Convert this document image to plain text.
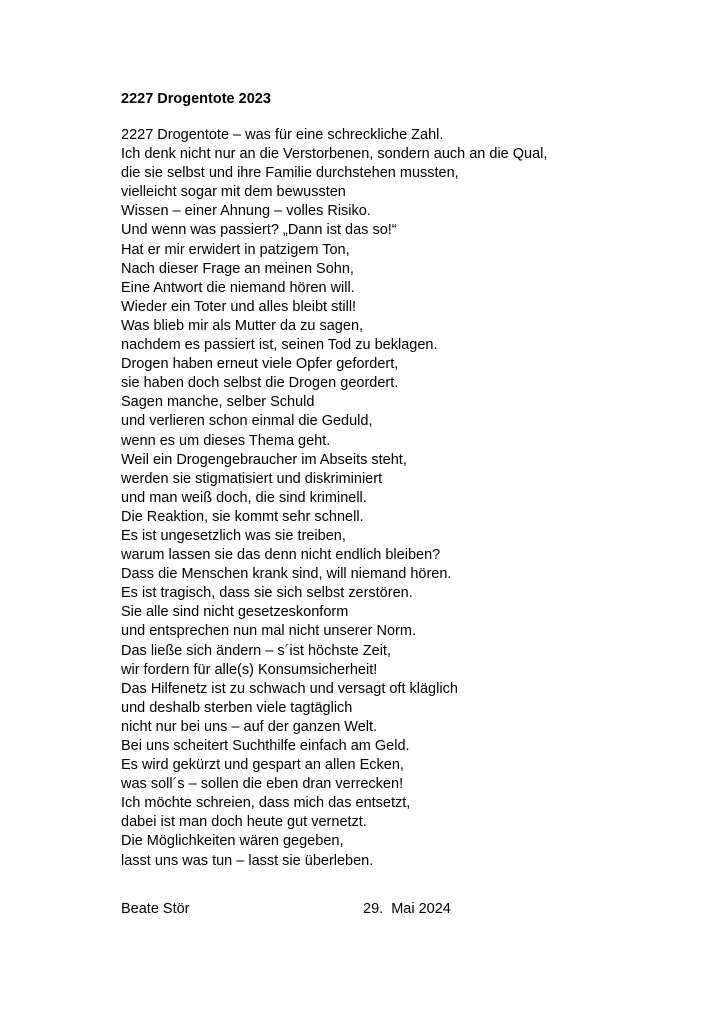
2227 Drogentote 2023
2227 Drogentote – was für eine schreckliche Zahl.
Ich denk nicht nur an die Verstorbenen, sondern auch an die Qual,
die sie selbst und ihre Familie durchstehen mussten,
vielleicht sogar mit dem bewussten
Wissen – einer Ahnung – volles Risiko.
Und wenn was passiert? „Dann ist das so!“
Hat er mir erwidert in patzigem Ton,
Nach dieser Frage an meinen Sohn,
Eine Antwort die niemand hören will.
Wieder ein Toter und alles bleibt still!
Was blieb mir als Mutter da zu sagen,
nachdem es passiert ist, seinen Tod zu beklagen.
Drogen haben erneut viele Opfer gefordert,
sie haben doch selbst die Drogen geordert.
Sagen manche, selber Schuld
und verlieren schon einmal die Geduld,
wenn es um dieses Thema geht.
Weil ein Drogengebraucher im Abseits steht,
werden sie stigmatisiert und diskriminiert
und man weiß doch, die sind kriminell.
Die Reaktion, sie kommt sehr schnell.
Es ist ungesetzlich was sie treiben,
warum lassen sie das denn nicht endlich bleiben?
Dass die Menschen krank sind, will niemand hören.
Es ist tragisch, dass sie sich selbst zerstören.
Sie alle sind nicht gesetzeskonform
und entsprechen nun mal nicht unserer Norm.
Das ließe sich ändern – s´ist höchste Zeit,
wir fordern für alle(s) Konsumsicherheit!
Das Hilfenetz ist zu schwach und versagt oft kläglich
und deshalb sterben viele tagtäglich
nicht nur bei uns – auf der ganzen Welt.
Bei uns scheitert Suchthilfe einfach am Geld.
Es wird gekürzt und gespart an allen Ecken,
was soll´s – sollen die eben dran verrecken!
Ich möchte schreien, dass mich das entsetzt,
dabei ist man doch heute gut vernetzt.
Die Möglichkeiten wären gegeben,
lasst uns was tun – lasst sie überleben.
Beate Stör	29.  Mai 2024
